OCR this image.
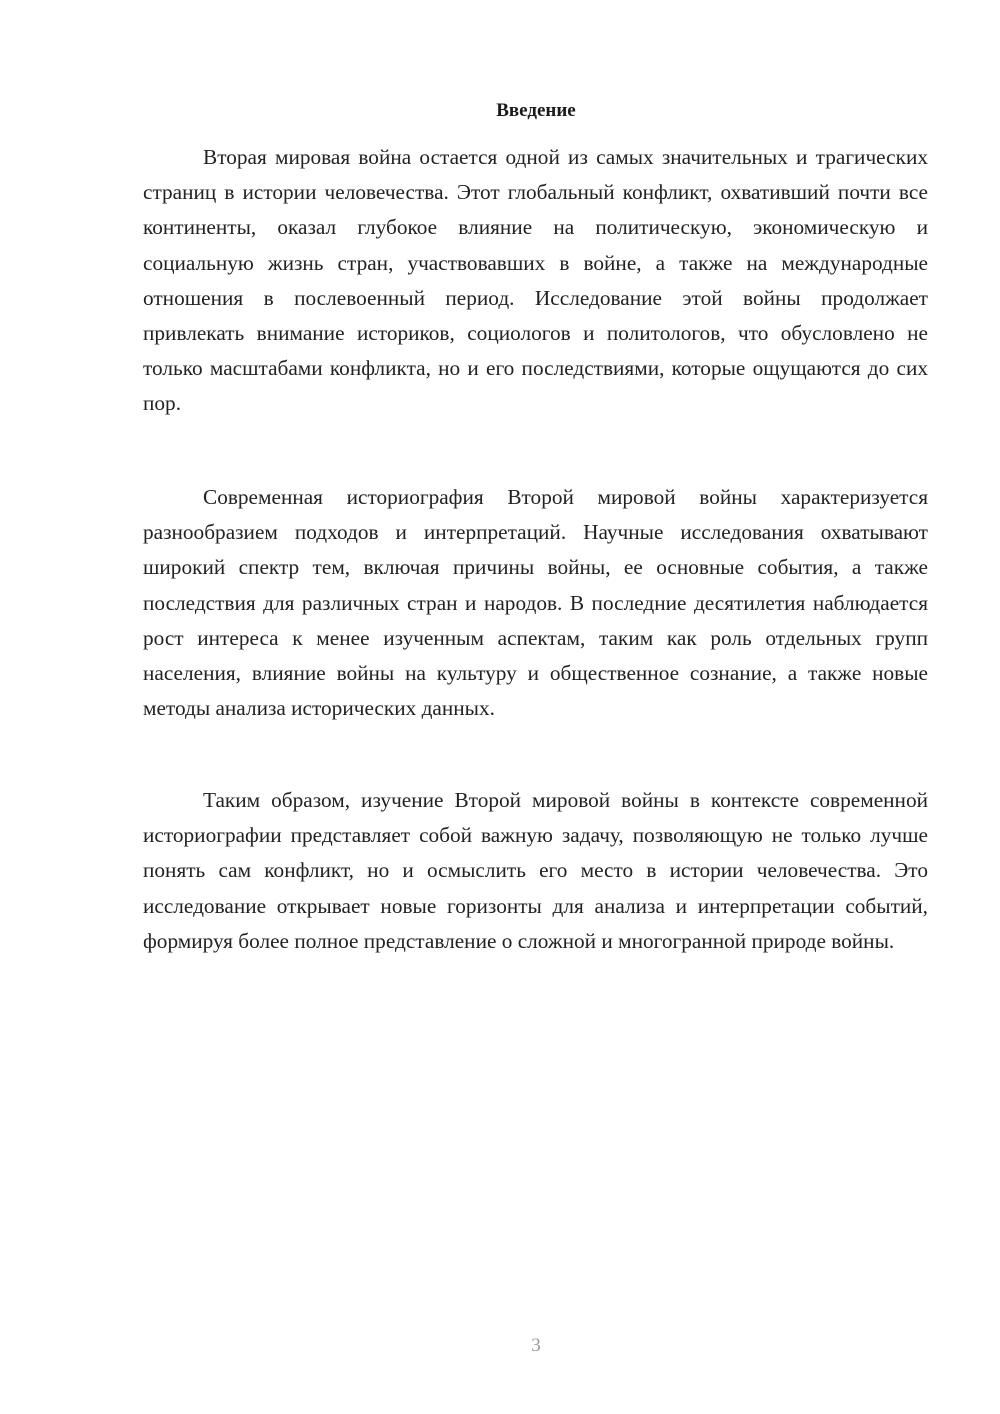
Введение

Вторая мировая война остается одной из самых значительных и трагических страниц в истории человечества. Этот глобальный конфликт, охвативший почти все континенты, оказал глубокое влияние на политическую, экономическую и социальную жизнь стран, участвовавших в войне, а также на международные отношения в послевоенный период. Исследование этой войны продолжает привлекать внимание историков, социологов и политологов, что обусловлено не только масштабами конфликта, но и его последствиями, которые ощущаются до сих пор.

Современная историография Второй мировой войны характеризуется разнообразием подходов и интерпретаций. Научные исследования охватывают широкий спектр тем, включая причины войны, ее основные события, а также последствия для различных стран и народов. В последние десятилетия наблюдается рост интереса к менее изученным аспектам, таким как роль отдельных групп населения, влияние войны на культуру и общественное сознание, а также новые методы анализа исторических данных.

Таким образом, изучение Второй мировой войны в контексте современной историографии представляет собой важную задачу, позволяющую не только лучше понять сам конфликт, но и осмыслить его место в истории человечества. Это исследование открывает новые горизонты для анализа и интерпретации событий, формируя более полное представление о сложной и многогранной природе войны.

3
